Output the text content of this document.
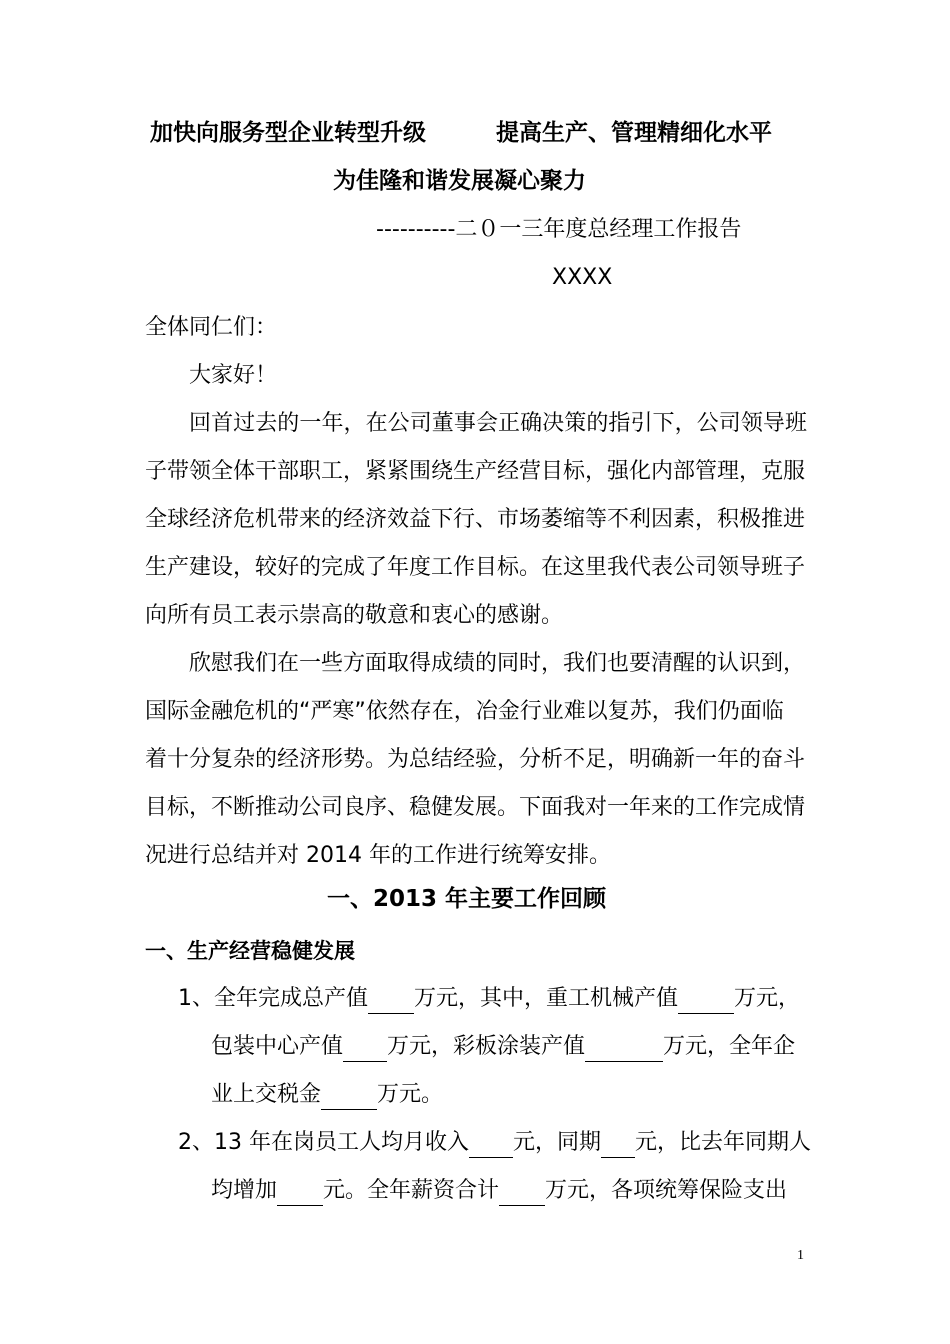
加快向服务型企业转型升级	提高生产、管理精细化水平
为佳隆和谐发展凝心聚力
----------二０一三年度总经理工作报告
XXXX
全体同仁们：
大家好！
回首过去的一年，在公司董事会正确决策的指引下，公司领导班
子带领全体干部职工，紧紧围绕生产经营目标，强化内部管理，克服
全球经济危机带来的经济效益下行、市场萎缩等不利因素，积极推进
生产建设，较好的完成了年度工作目标。在这里我代表公司领导班子
向所有员工表示崇高的敬意和衷心的感谢。
欣慰我们在一些方面取得成绩的同时，我们也要清醒的认识到，
国际金融危机的“严寒”依然存在，冶金行业难以复苏，我们仍面临
着十分复杂的经济形势。为总结经验，分析不足，明确新一年的奋斗
目标，不断推动公司良序、稳健发展。下面我对一年来的工作完成情
况进行总结并对 2014 年的工作进行统筹安排。
一、2013 年主要工作回顾
一、生产经营稳健发展
1、全年完成总产值 万元，其中，重工机械产值	万元，
包装中心产值 万元，彩板涂装产值	万元，全年企
业上交税金	万元。
2、13 年在岗员工人均月收入 元，同期 元，比去年同期人
均增加 元。全年薪资合计 万元，各项统筹保险支出
1
